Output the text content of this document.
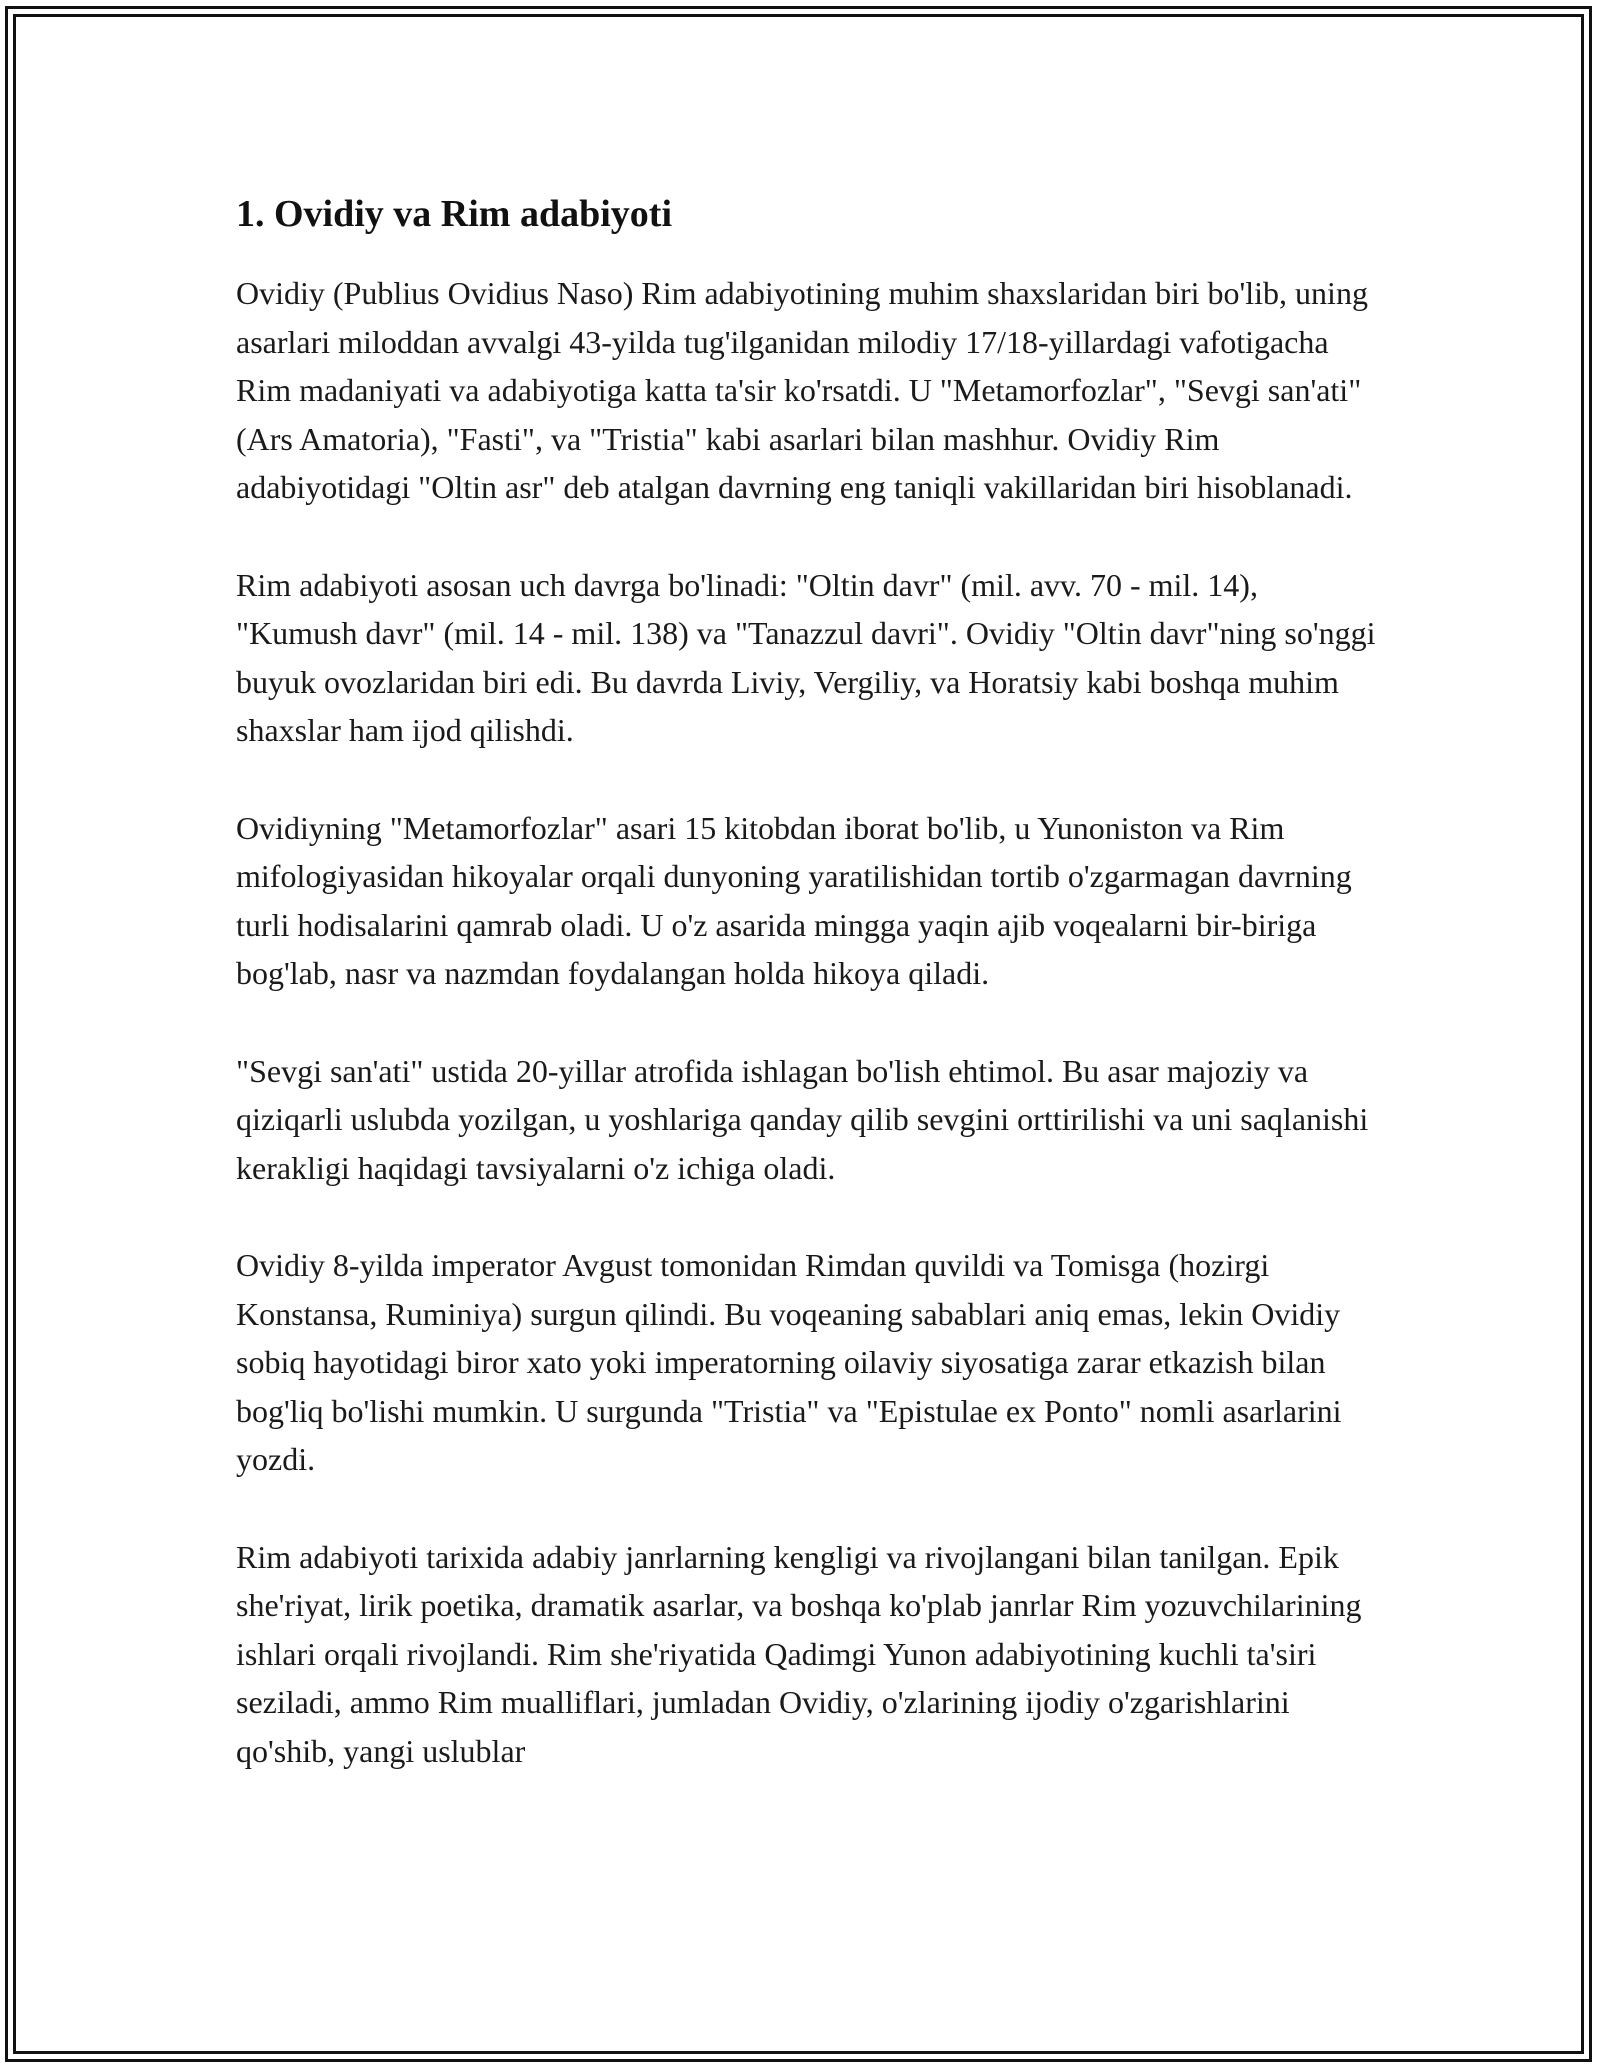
1. Ovidiy va Rim adabiyoti

Ovidiy (Publius Ovidius Naso) Rim adabiyotining muhim shaxslaridan biri bo'lib, uning asarlari miloddan avvalgi 43-yilda tug'ilganidan milodiy 17/18-yillardagi vafotigacha Rim madaniyati va adabiyotiga katta ta'sir ko'rsatdi. U "Metamorfozlar", "Sevgi san'ati" (Ars Amatoria), "Fasti", va "Tristia" kabi asarlari bilan mashhur. Ovidiy Rim adabiyotidagi "Oltin asr" deb atalgan davrning eng taniqli vakillaridan biri hisoblanadi.

Rim adabiyoti asosan uch davrga bo'linadi: "Oltin davr" (mil. avv. 70 - mil. 14), "Kumush davr" (mil. 14 - mil. 138) va "Tanazzul davri". Ovidiy "Oltin davr"ning so'nggi buyuk ovozlaridan biri edi. Bu davrda Liviy, Vergiliy, va Horatsiy kabi boshqa muhim shaxslar ham ijod qilishdi.

Ovidiyning "Metamorfozlar" asari 15 kitobdan iborat bo'lib, u Yunoniston va Rim mifologiyasidan hikoyalar orqali dunyoning yaratilishidan tortib o'zgarmagan davrning turli hodisalarini qamrab oladi. U o'z asarida mingga yaqin ajib voqealarni bir-biriga bog'lab, nasr va nazmdan foydalangan holda hikoya qiladi.

"Sevgi san'ati" ustida 20-yillar atrofida ishlagan bo'lish ehtimol. Bu asar majoziy va qiziqarli uslubda yozilgan, u yoshlariga qanday qilib sevgini orttirilishi va uni saqlanishi kerakligi haqidagi tavsiyalarni o'z ichiga oladi.

Ovidiy 8-yilda imperator Avgust tomonidan Rimdan quvildi va Tomisga (hozirgi Konstansa, Ruminiya) surgun qilindi. Bu voqeaning sabablari aniq emas, lekin Ovidiy sobiq hayotidagi biror xato yoki imperatorning oilaviy siyosatiga zarar etkazish bilan bog'liq bo'lishi mumkin. U surgunda "Tristia" va "Epistulae ex Ponto" nomli asarlarini yozdi.

Rim adabiyoti tarixida adabiy janrlarning kengligi va rivojlangani bilan tanilgan. Epik she'riyat, lirik poetika, dramatik asarlar, va boshqa ko'plab janrlar Rim yozuvchilarining ishlari orqali rivojlandi. Rim she'riyatida Qadimgi Yunon adabiyotining kuchli ta'siri seziladi, ammo Rim mualliflari, jumladan Ovidiy, o'zlarining ijodiy o'zgarishlarini qo'shib, yangi uslublar
